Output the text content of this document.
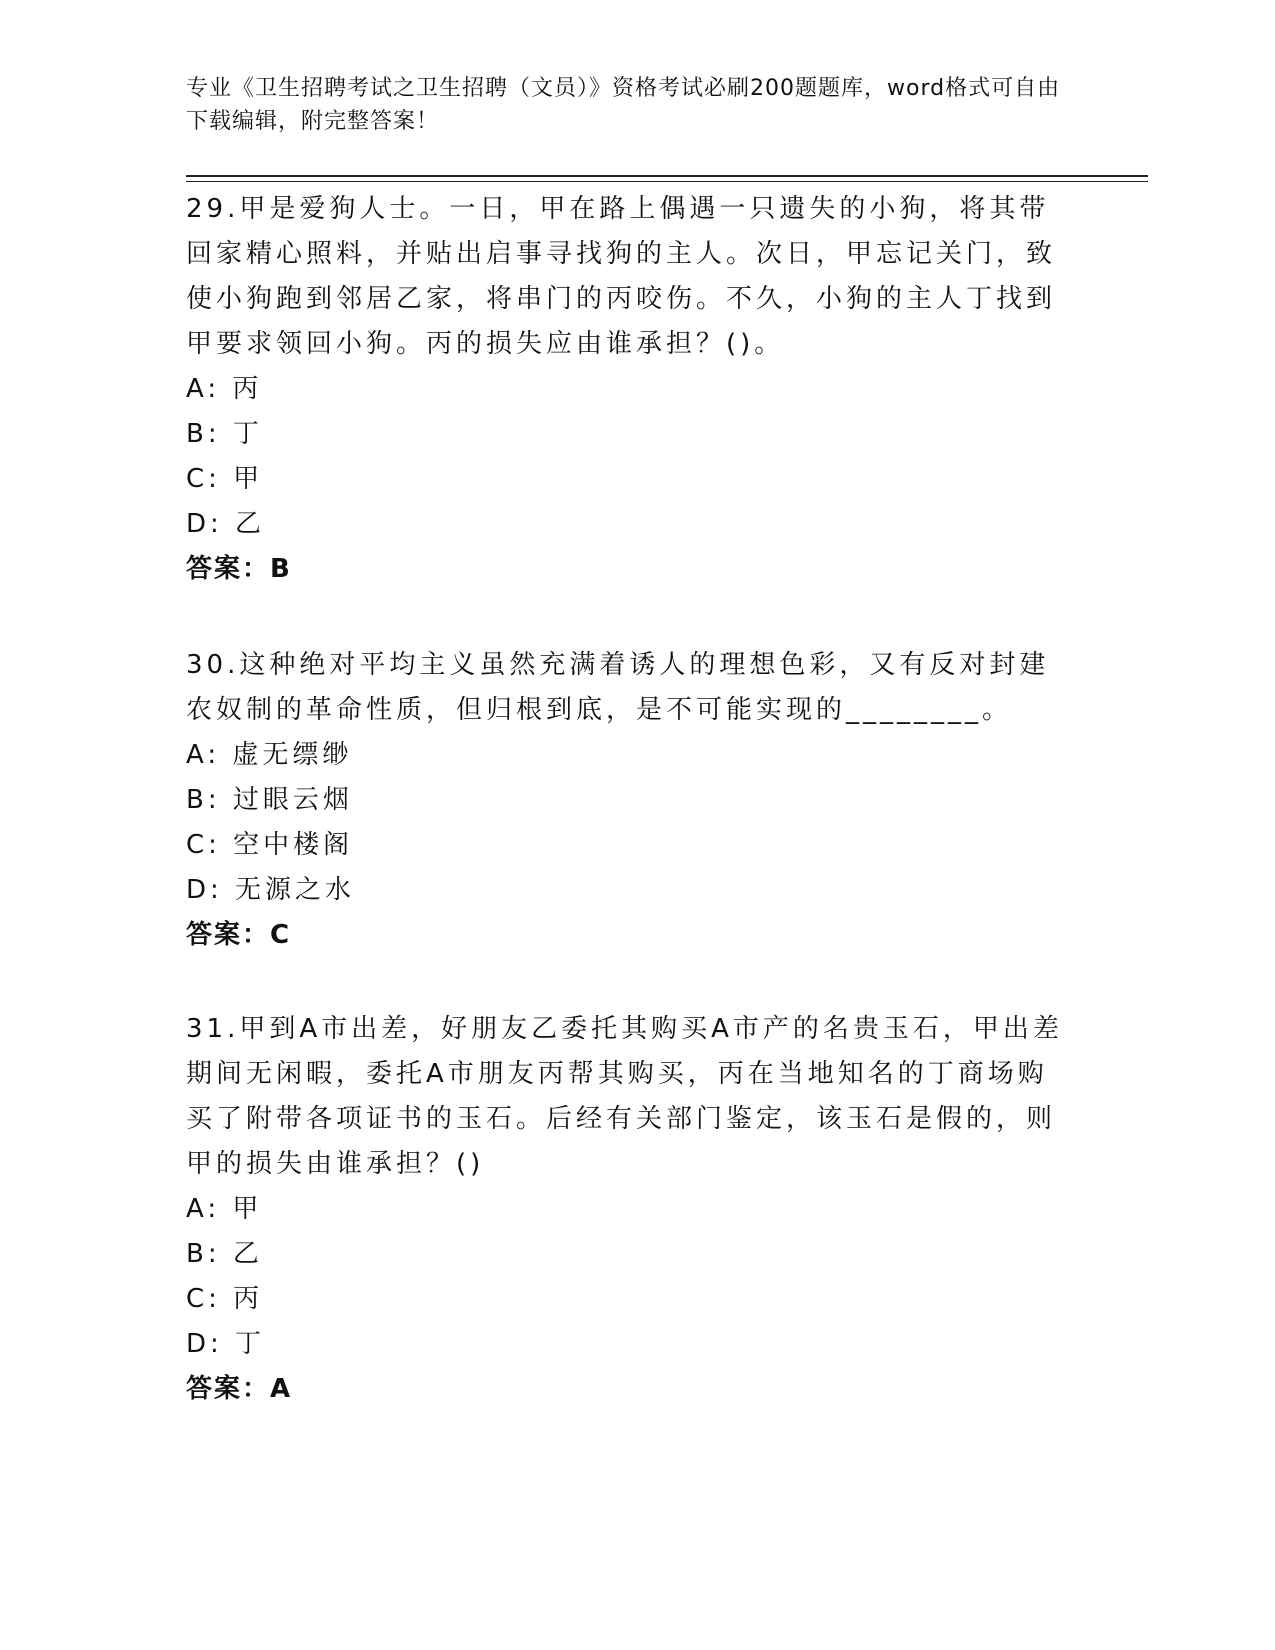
专业《卫生招聘考试之卫生招聘（文员）》资格考试必刷200题题库，word格式可自由下载编辑，附完整答案！

29.甲是爱狗人士。一日，甲在路上偶遇一只遗失的小狗，将其带回家精心照料，并贴出启事寻找狗的主人。次日，甲忘记关门，致使小狗跑到邻居乙家，将串门的丙咬伤。不久，小狗的主人丁找到甲要求领回小狗。丙的损失应由谁承担？()。

A: 丙

B: 丁

C: 甲

D: 乙

答案：B

30.这种绝对平均主义虽然充满着诱人的理想色彩，又有反对封建农奴制的革命性质，但归根到底，是不可能实现的________。

A: 虚无缥缈

B: 过眼云烟

C: 空中楼阁

D: 无源之水

答案：C

31.甲到A市出差，好朋友乙委托其购买A市产的名贵玉石，甲出差期间无闲暇，委托A市朋友丙帮其购买，丙在当地知名的丁商场购买了附带各项证书的玉石。后经有关部门鉴定，该玉石是假的，则甲的损失由谁承担？()

A: 甲

B: 乙

C: 丙

D: 丁

答案：A
